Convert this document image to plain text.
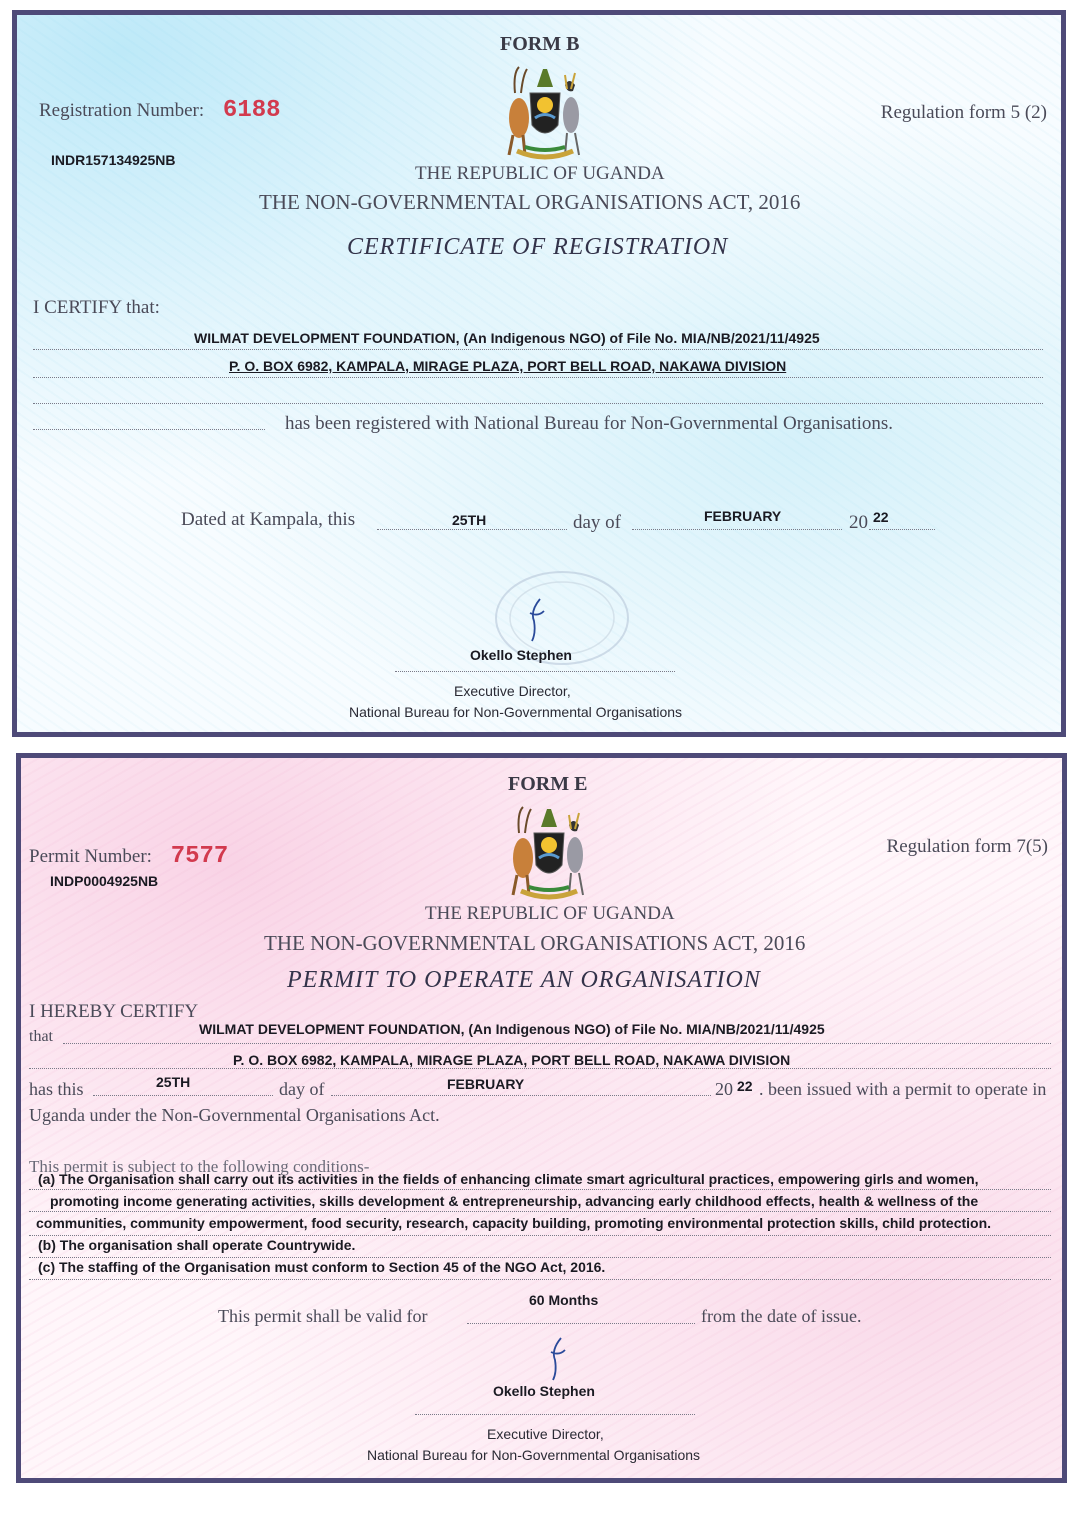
FORM B
Registration Number: 6188
INDR157134925NB
Regulation form 5 (2)
THE REPUBLIC OF UGANDA
THE NON-GOVERNMENTAL ORGANISATIONS ACT, 2016
CERTIFICATE OF REGISTRATION
I CERTIFY that:
WILMAT DEVELOPMENT FOUNDATION, (An Indigenous NGO) of File No. MIA/NB/2021/11/4925
P. O. BOX 6982, KAMPALA, MIRAGE PLAZA, PORT BELL ROAD, NAKAWA DIVISION
has been registered with National Bureau for Non-Governmental Organisations.
Dated at Kampala, this	25TH	day of	FEBRUARY	20 22
Okello Stephen
Executive Director,
National Bureau for Non-Governmental Organisations
FORM E
Permit Number: 7577
INDP0004925NB
Regulation form 7(5)
THE REPUBLIC OF UGANDA
THE NON-GOVERNMENTAL ORGANISATIONS ACT, 2016
PERMIT TO OPERATE AN ORGANISATION
I HEREBY CERTIFY
that	WILMAT DEVELOPMENT FOUNDATION, (An Indigenous NGO) of File No. MIA/NB/2021/11/4925
P. O. BOX 6982, KAMPALA, MIRAGE PLAZA, PORT BELL ROAD, NAKAWA DIVISION
has this	25TH	day of	FEBRUARY	20 22 . been issued with a permit to operate in
Uganda under the Non-Governmental Organisations Act.
This permit is subject to the following conditions-
(a) The Organisation shall carry out its activities in the fields of enhancing climate smart agricultural practices, empowering girls and women,
promoting income generating activities, skills development & entrepreneurship, advancing early childhood effects, health & wellness of the
communities, community empowerment, food security, research, capacity building, promoting environmental protection skills, child protection.
(b) The organisation shall operate Countrywide.
(c) The staffing of the Organisation must conform to Section 45 of the NGO Act, 2016.
This permit shall be valid for
60 Months
from the date of issue.
Okello Stephen
Executive Director,
National Bureau for Non-Governmental Organisations
